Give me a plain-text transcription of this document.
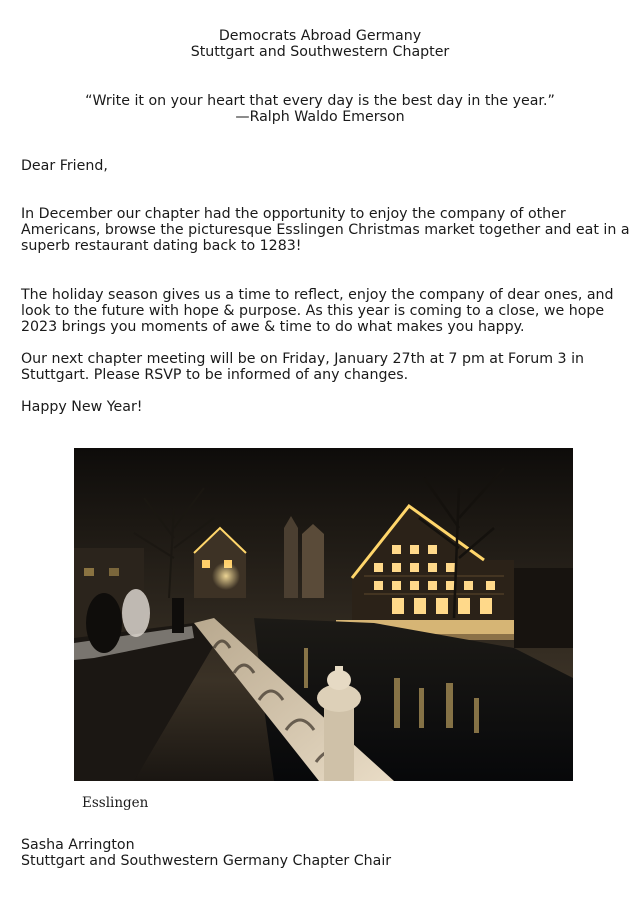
Democrats Abroad Germany
Stuttgart and Southwestern Chapter
“Write it on your heart that every day is the best day in the year.”
—Ralph Waldo Emerson
Dear Friend,
In December our chapter had the opportunity to enjoy the company of other
Americans, browse the picturesque Esslingen Christmas market together and eat in a
superb restaurant dating back to 1283!
The holiday season gives us a time to reflect, enjoy the company of dear ones, and
look to the future with hope & purpose. As this year is coming to a close, we hope
2023 brings you moments of awe & time to do what makes you happy.
Our next chapter meeting will be on Friday, January 27th at 7 pm at Forum 3 in
Stuttgart. Please RSVP to be informed of any changes.
Happy New Year!
Esslingen
Sasha Arrington
Stuttgart and Southwestern Germany Chapter Chair
